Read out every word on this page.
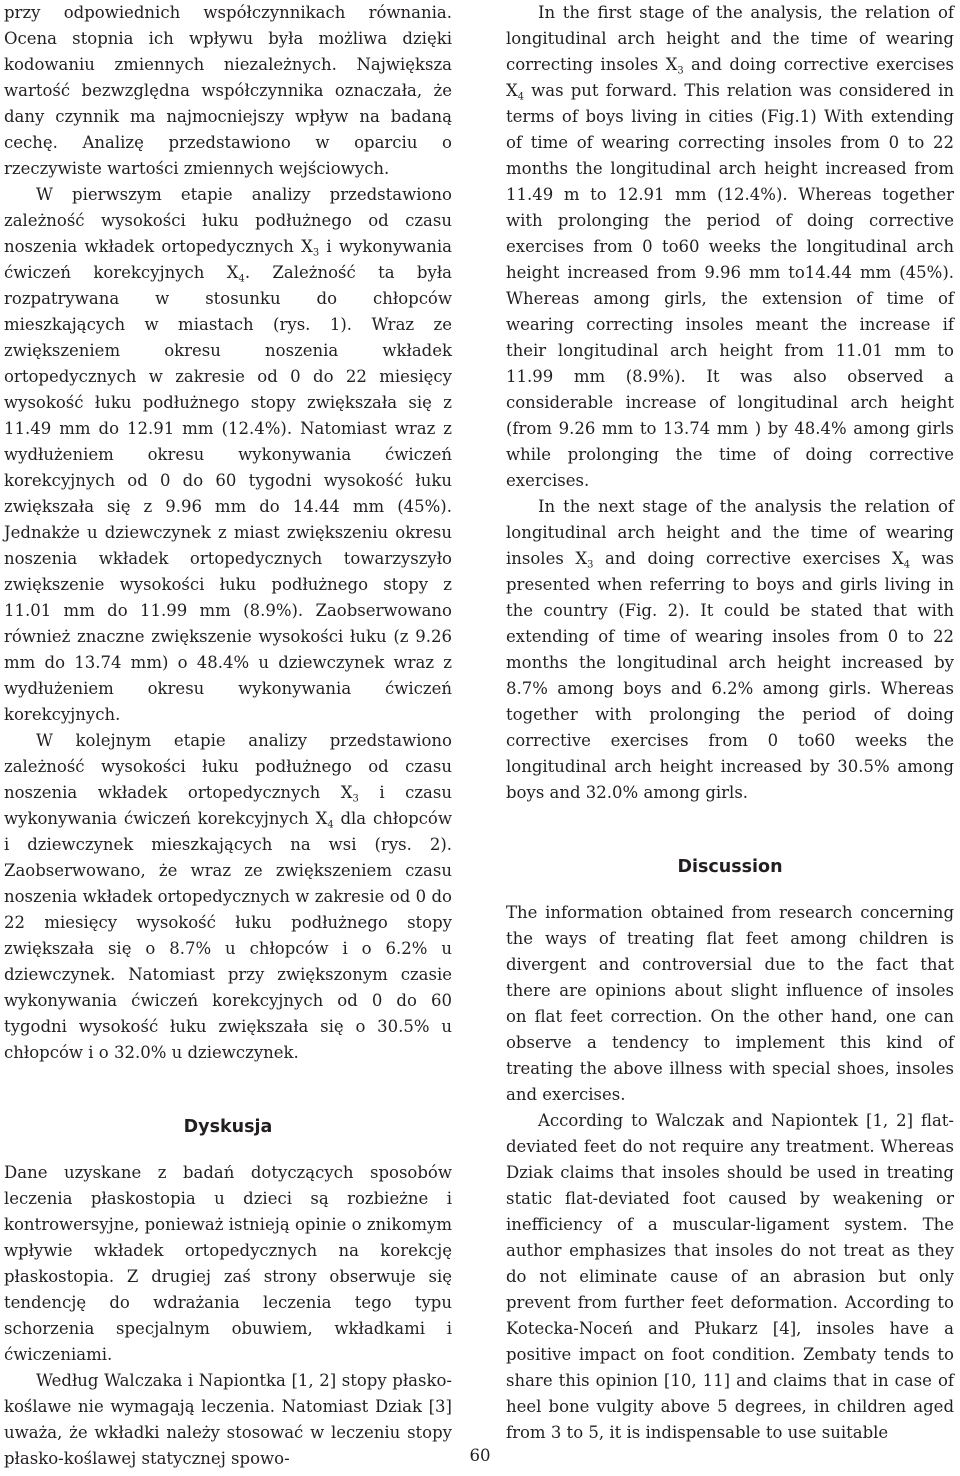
przy odpowiednich współczynnikach równania. Ocena stopnia ich wpływu była możliwa dzięki kodowaniu zmiennych niezależnych. Największa wartość bezwzględna współczynnika oznaczała, że dany czynnik ma najmocniejszy wpływ na badaną cechę. Analizę przedstawiono w oparciu o rzeczywiste wartości zmiennych wejściowych.

W pierwszym etapie analizy przedstawiono zależność wysokości łuku podłużnego od czasu noszenia wkładek ortopedycznych $X_3$ i wykonywania ćwiczeń korekcyjnych $X_4$. Zależność ta była rozpatrywana w stosunku do chłopców mieszkających w miastach (rys. 1). Wraz ze zwiększeniem okresu noszenia wkładek ortopedycznych w zakresie od 0 do 22 miesięcy wysokość łuku podłużnego stopy zwiększała się z 11.49 mm do 12.91 mm (12.4%). Natomiast wraz z wydłużeniem okresu wykonywania ćwiczeń korekcyjnych od 0 do 60 tygodni wysokość łuku zwiększała się z 9.96 mm do 14.44 mm (45%). Jednakże u dziewczynek z miast zwiększeniu okresu noszenia wkładek ortopedycznych towarzyszyło zwiększenie wysokości łuku podłużnego stopy z 11.01 mm do 11.99 mm (8.9%). Zaobserwowano również znaczne zwiększenie wysokości łuku (z 9.26 mm do 13.74 mm) o 48.4% u dziewczynek wraz z wydłużeniem okresu wykonywania ćwiczeń korekcyjnych.

W kolejnym etapie analizy przedstawiono zależność wysokości łuku podłużnego od czasu noszenia wkładek ortopedycznych $X_3$ i czasu wykonywania ćwiczeń korekcyjnych $X_4$ dla chłopców i dziewczynek mieszkających na wsi (rys. 2). Zaobserwowano, że wraz ze zwiększeniem czasu noszenia wkładek ortopedycznych w zakresie od 0 do 22 miesięcy wysokość łuku podłużnego stopy zwiększała się o 8.7% u chłopców i o 6.2% u dziewczynek. Natomiast przy zwiększonym czasie wykonywania ćwiczeń korekcyjnych od 0 do 60 tygodni wysokość łuku zwiększała się o 30.5% u chłopców i o 32.0% u dziewczynek.

Dyskusja

Dane uzyskane z badań dotyczących sposobów leczenia płaskostopia u dzieci są rozbieżne i kontrowersyjne, ponieważ istnieją opinie o znikomym wpływie wkładek ortopedycznych na korekcję płaskostopia. Z drugiej zaś strony obserwuje się tendencję do wdrażania leczenia tego typu schorzenia specjalnym obuwiem, wkładkami i ćwiczeniami.

Według Walczaka i Napiontka [1, 2] stopy płasko-koślawe nie wymagają leczenia. Natomiast Dziak [3] uważa, że wkładki należy stosować w leczeniu stopy płasko-koślawej statycznej spowo-

In the first stage of the analysis, the relation of longitudinal arch height and the time of wearing correcting insoles $X_3$ and doing corrective exercises $X_4$ was put forward. This relation was considered in terms of boys living in cities (Fig.1) With extending of time of wearing correcting insoles from 0 to 22 months the longitudinal arch height increased from 11.49 m to 12.91 mm (12.4%). Whereas together with prolonging the period of doing corrective exercises from 0 to60 weeks the longitudinal arch height increased from 9.96 mm to14.44 mm (45%). Whereas among girls, the extension of time of wearing correcting insoles meant the increase if their longitudinal arch height from 11.01 mm to 11.99 mm (8.9%). It was also observed a considerable increase of longitudinal arch height (from 9.26 mm to 13.74 mm ) by 48.4% among girls while prolonging the time of doing corrective exercises.

In the next stage of the analysis the relation of longitudinal arch height and the time of wearing insoles $X_3$ and doing corrective exercises $X_4$ was presented when referring to boys and girls living in the country (Fig. 2). It could be stated that with extending of time of wearing insoles from 0 to 22 months the longitudinal arch height increased by 8.7% among boys and 6.2% among girls. Whereas together with prolonging the period of doing corrective exercises from 0 to60 weeks the longitudinal arch height increased by 30.5% among boys and 32.0% among girls.

Discussion

The information obtained from research concerning the ways of treating flat feet among children is divergent and controversial due to the fact that there are opinions about slight influence of insoles on flat feet correction. On the other hand, one can observe a tendency to implement this kind of treating the above illness with special shoes, insoles and exercises.

According to Walczak and Napiontek [1, 2] flat-deviated feet do not require any treatment. Whereas Dziak claims that insoles should be used in treating static flat-deviated foot caused by weakening or inefficiency of a muscular-ligament system. The author emphasizes that insoles do not treat as they do not eliminate cause of an abrasion but only prevent from further feet deformation. According to Kotecka-Noceń and Płukarz [4], insoles have a positive impact on foot condition. Zembaty tends to share this opinion [10, 11] and claims that in case of heel bone vulgity above 5 degrees, in children aged from 3 to 5, it is indispensable to use suitable

60
